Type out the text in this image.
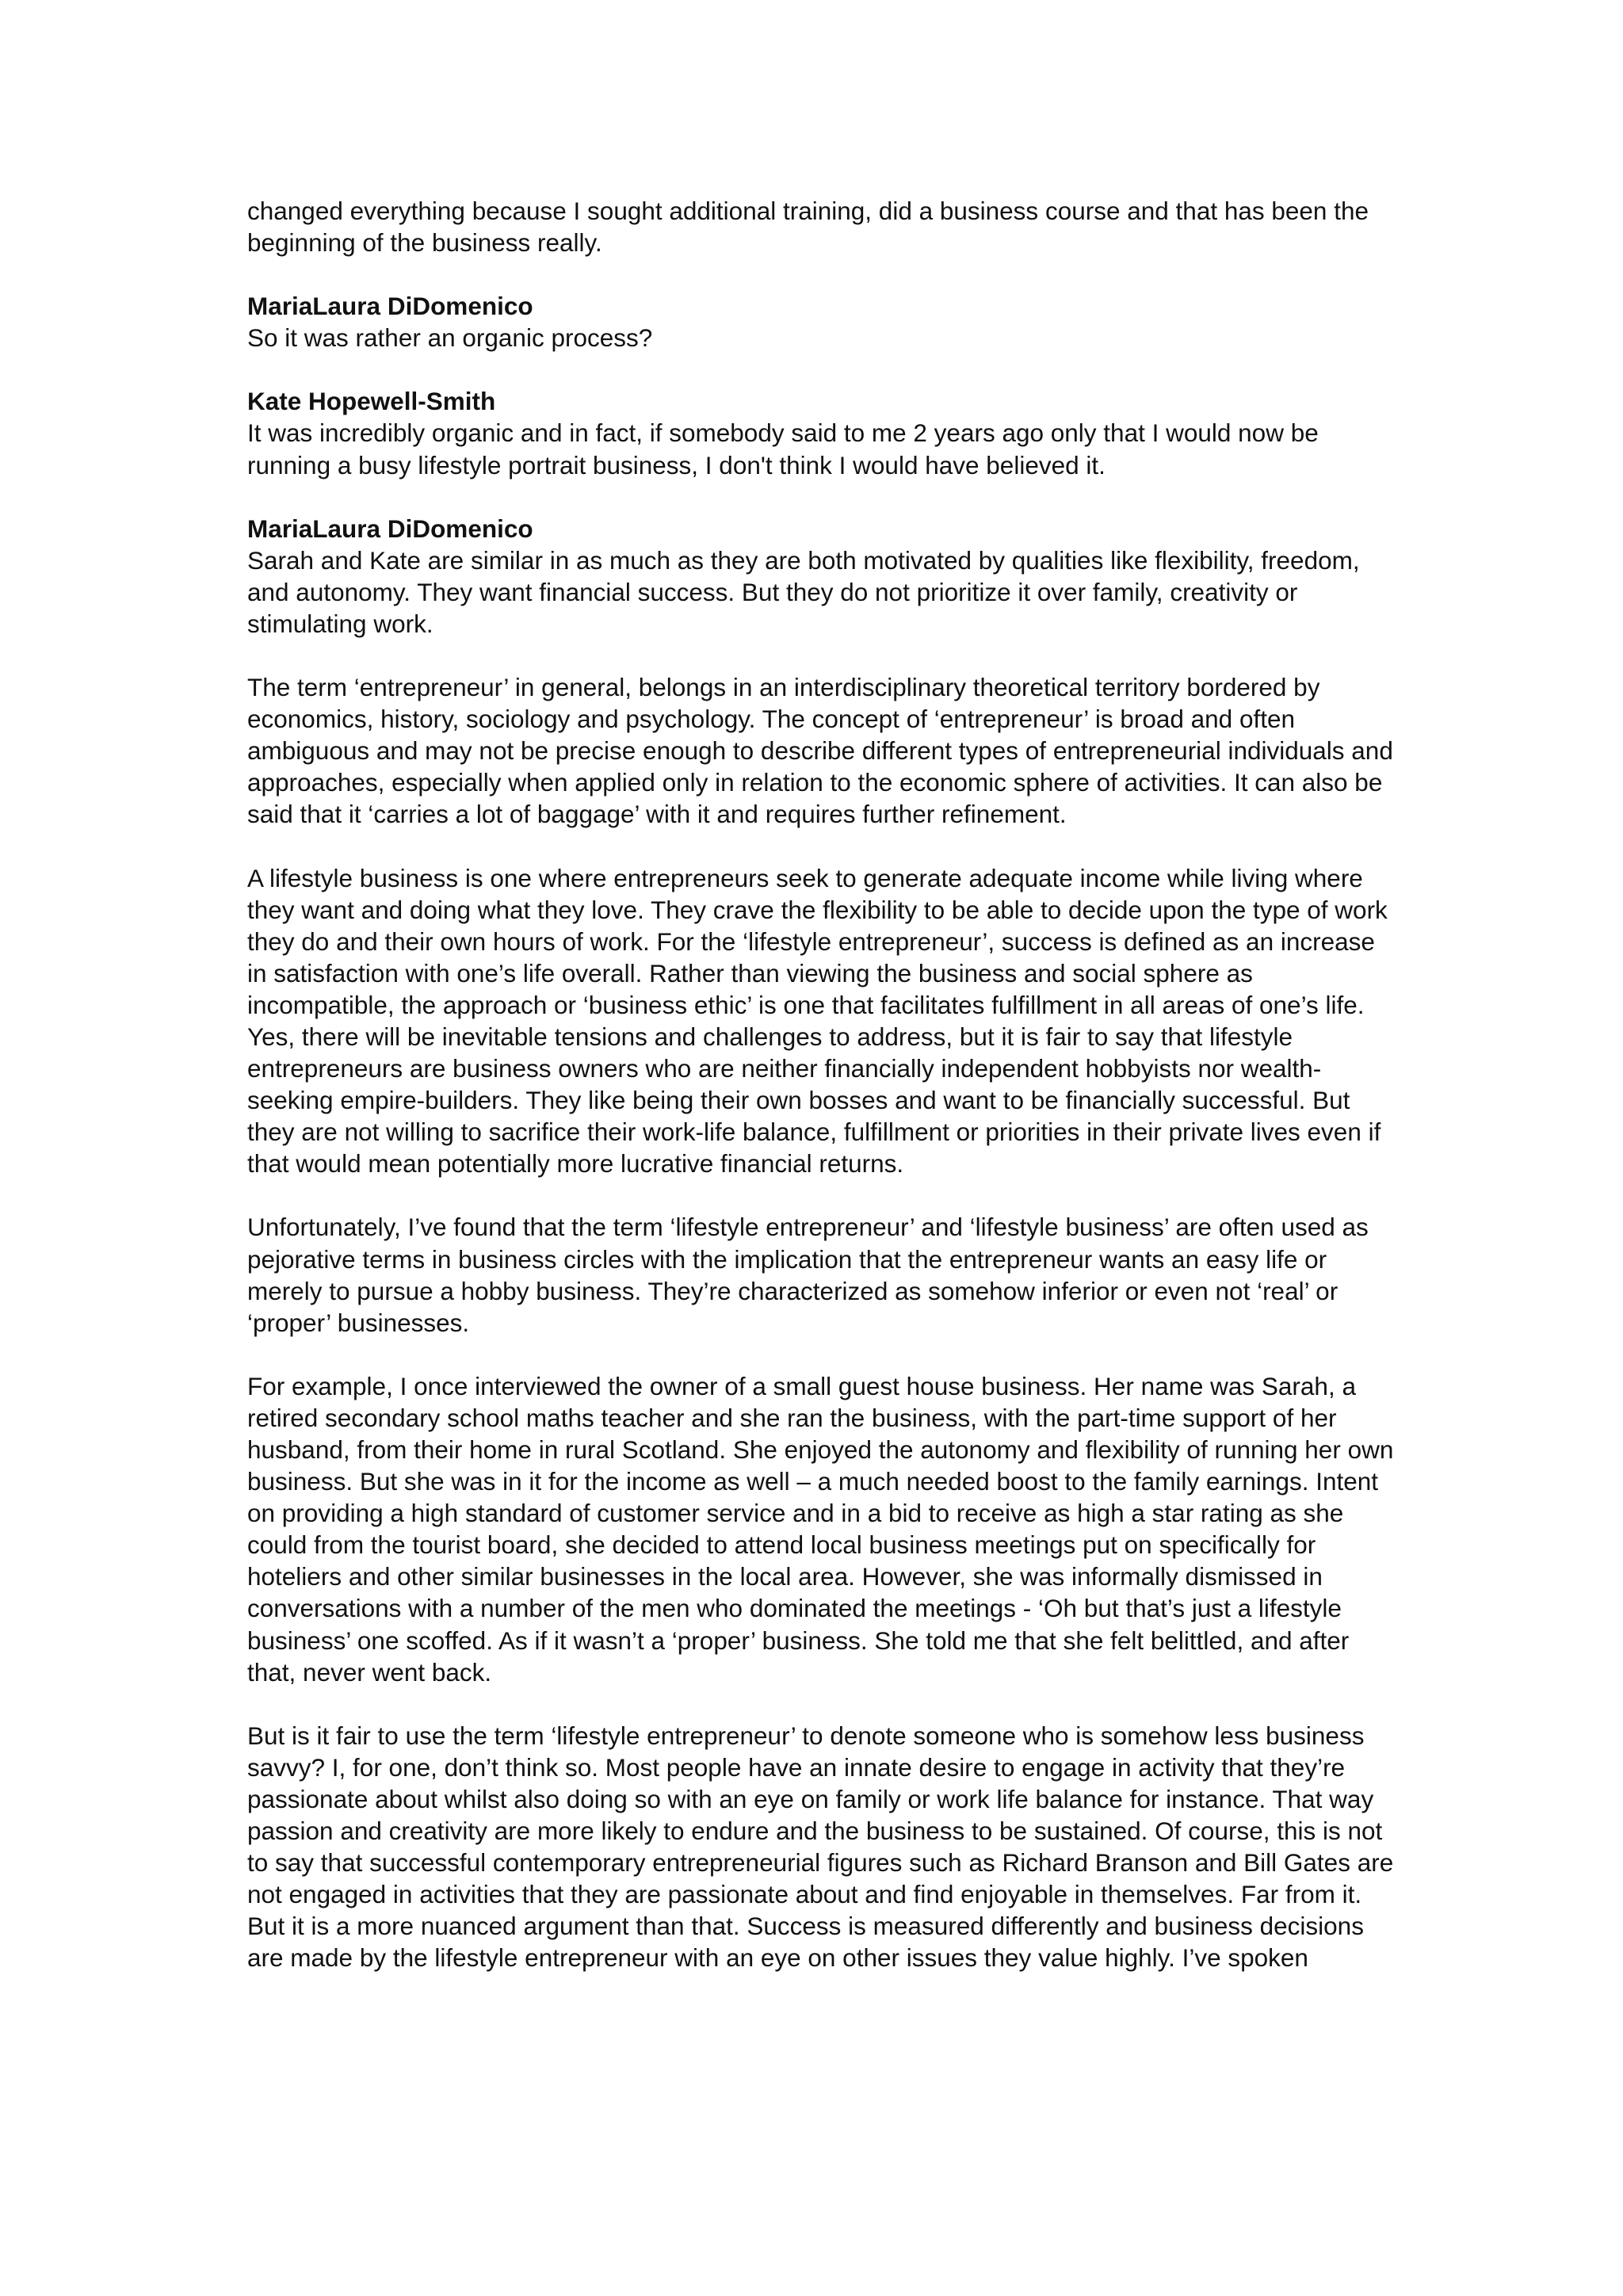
changed everything because I sought additional training, did a business course and that has been the beginning of the business really.
MariaLaura DiDomenico
So it was rather an organic process?
Kate Hopewell-Smith
It was incredibly organic and in fact, if somebody said to me 2 years ago only that I would now be running a busy lifestyle portrait business, I don't think I would have believed it.
MariaLaura DiDomenico
Sarah and Kate are similar in as much as they are both motivated by qualities like flexibility, freedom, and autonomy. They want financial success. But they do not prioritize it over family, creativity or stimulating work.
The term ‘entrepreneur’ in general, belongs in an interdisciplinary theoretical territory bordered by economics, history, sociology and psychology. The concept of ‘entrepreneur’ is broad and often ambiguous and may not be precise enough to describe different types of entrepreneurial individuals and approaches, especially when applied only in relation to the economic sphere of activities. It can also be said that it ‘carries a lot of baggage’ with it and requires further refinement.
A lifestyle business is one where entrepreneurs seek to generate adequate income while living where they want and doing what they love. They crave the flexibility to be able to decide upon the type of work they do and their own hours of work. For the ‘lifestyle entrepreneur’, success is defined as an increase in satisfaction with one’s life overall. Rather than viewing the business and social sphere as incompatible, the approach or ‘business ethic’ is one that facilitates fulfillment in all areas of one’s life. Yes, there will be inevitable tensions and challenges to address, but it is fair to say that lifestyle entrepreneurs are business owners who are neither financially independent hobbyists nor wealth-seeking empire-builders. They like being their own bosses and want to be financially successful. But they are not willing to sacrifice their work-life balance, fulfillment or priorities in their private lives even if that would mean potentially more lucrative financial returns.
Unfortunately, I’ve found that the term ‘lifestyle entrepreneur’ and ‘lifestyle business’ are often used as pejorative terms in business circles with the implication that the entrepreneur wants an easy life or merely to pursue a hobby business. They’re characterized as somehow inferior or even not ‘real’ or ‘proper’ businesses.
For example, I once interviewed the owner of a small guest house business. Her name was Sarah, a retired secondary school maths teacher and she ran the business, with the part-time support of her husband, from their home in rural Scotland. She enjoyed the autonomy and flexibility of running her own business. But she was in it for the income as well – a much needed boost to the family earnings. Intent on providing a high standard of customer service and in a bid to receive as high a star rating as she could from the tourist board, she decided to attend local business meetings put on specifically for hoteliers and other similar businesses in the local area. However, she was informally dismissed in conversations with a number of the men who dominated the meetings - ‘Oh but that’s just a lifestyle business’ one scoffed. As if it wasn’t a ‘proper’ business. She told me that she felt belittled, and after that, never went back.
But is it fair to use the term ‘lifestyle entrepreneur’ to denote someone who is somehow less business savvy? I, for one, don’t think so. Most people have an innate desire to engage in activity that they’re passionate about whilst also doing so with an eye on family or work life balance for instance. That way passion and creativity are more likely to endure and the business to be sustained. Of course, this is not to say that successful contemporary entrepreneurial figures such as Richard Branson and Bill Gates are not engaged in activities that they are passionate about and find enjoyable in themselves. Far from it. But it is a more nuanced argument than that. Success is measured differently and business decisions are made by the lifestyle entrepreneur with an eye on other issues they value highly. I’ve spoken
